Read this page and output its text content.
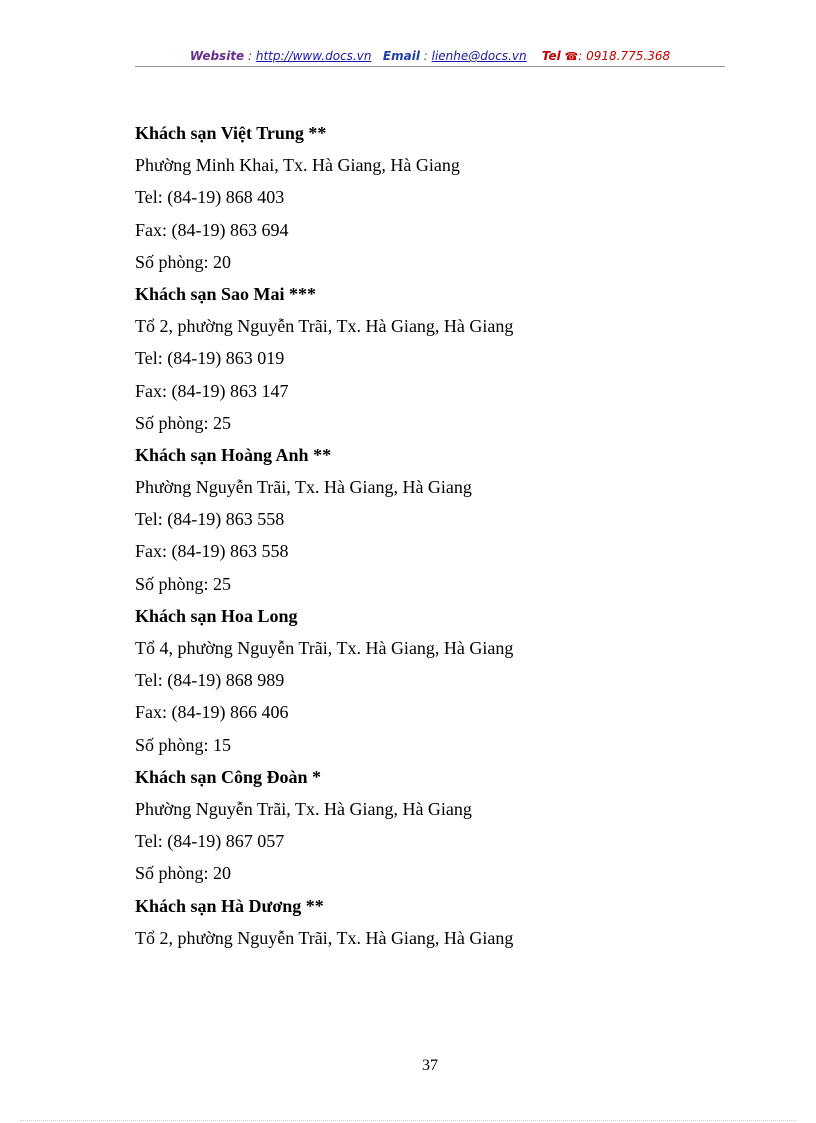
Website : http://www.docs.vn Email : lienhe@docs.vn Tel ☎: 0918.775.368
Khách sạn Việt Trung **
Phường Minh Khai, Tx. Hà Giang, Hà Giang
Tel: (84-19) 868 403
Fax: (84-19) 863 694
Số phòng: 20
Khách sạn Sao Mai ***
Tổ 2, phường Nguyễn Trãi, Tx. Hà Giang, Hà Giang
Tel: (84-19) 863 019
Fax: (84-19) 863 147
Số phòng: 25
Khách sạn Hoàng Anh **
Phường Nguyễn Trãi, Tx. Hà Giang, Hà Giang
Tel: (84-19) 863 558
Fax: (84-19) 863 558
Số phòng: 25
Khách sạn Hoa Long
Tổ 4, phường Nguyễn Trãi, Tx. Hà Giang, Hà Giang
Tel: (84-19) 868 989
Fax: (84-19) 866 406
Số phòng: 15
Khách sạn Công Đoàn *
Phường Nguyễn Trãi, Tx. Hà Giang, Hà Giang
Tel: (84-19) 867 057
Số phòng: 20
Khách sạn Hà Dương **
Tổ 2, phường Nguyễn Trãi, Tx. Hà Giang, Hà Giang
37
